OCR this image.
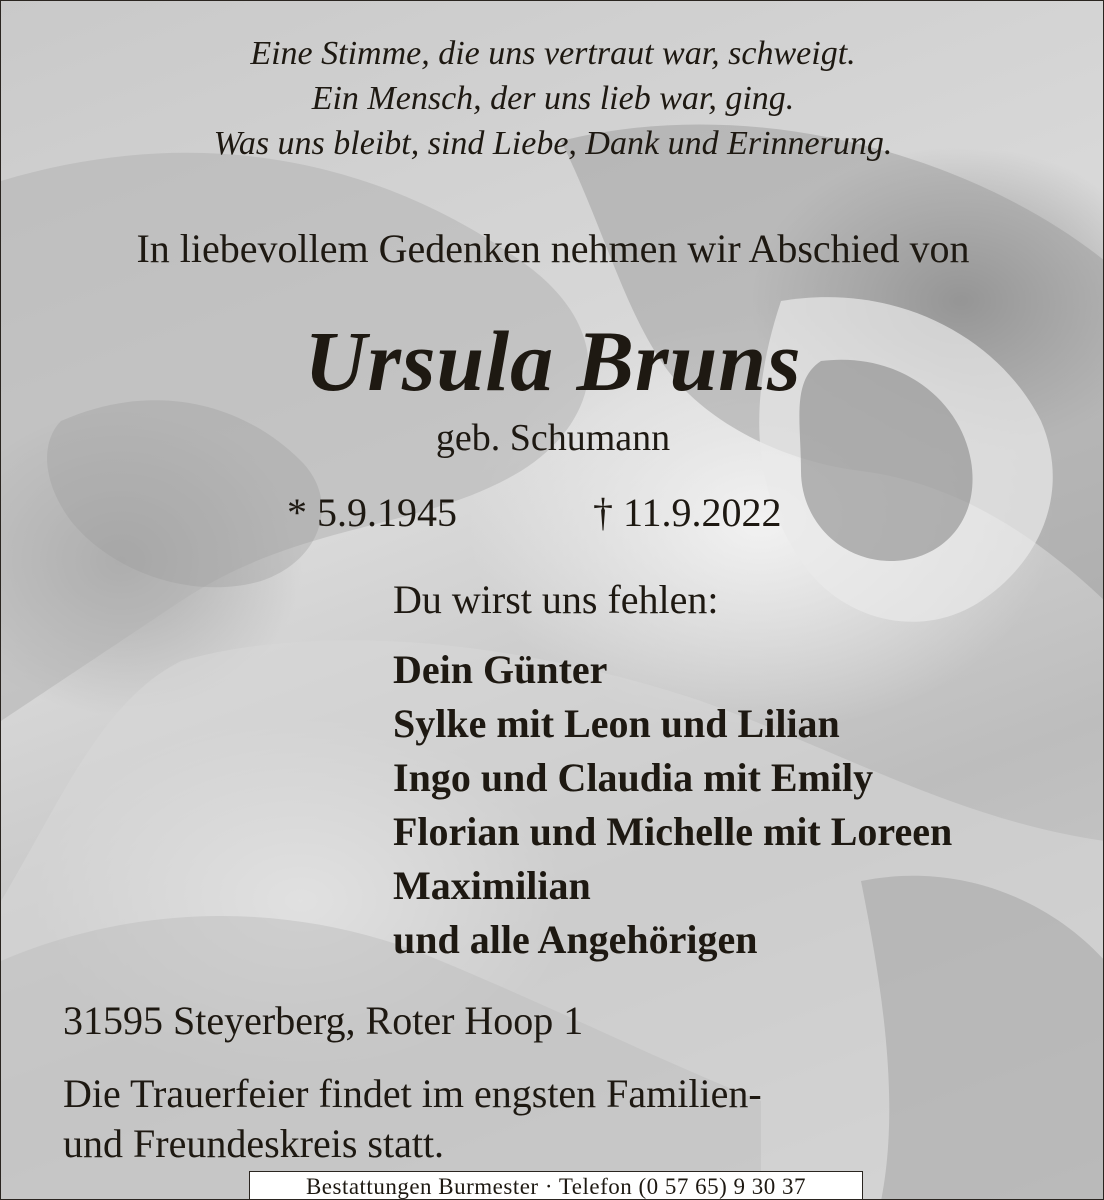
Eine Stimme, die uns vertraut war, schweigt.
Ein Mensch, der uns lieb war, ging.
Was uns bleibt, sind Liebe, Dank und Erinnerung.
In liebevollem Gedenken nehmen wir Abschied von
Ursula Bruns
geb. Schumann
* 5.9.1945	† 11.9.2022
Du wirst uns fehlen:
Dein Günter
Sylke mit Leon und Lilian
Ingo und Claudia mit Emily
Florian und Michelle mit Loreen
Maximilian
und alle Angehörigen
31595 Steyerberg, Roter Hoop 1
Die Trauerfeier findet im engsten Familien-
und Freundeskreis statt.
Bestattungen Burmester · Telefon (0 57 65) 9 30 37
